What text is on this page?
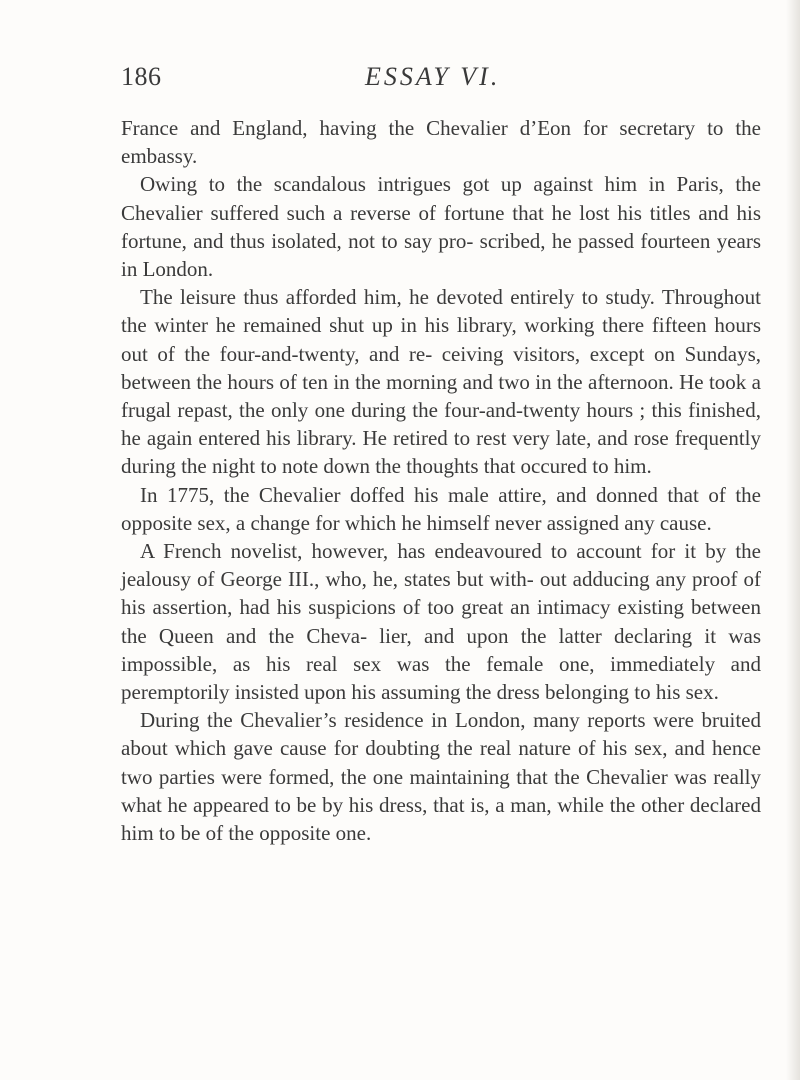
186	ESSAY VI.

France and England, having the Chevalier d’Eon for secretary to the embassy.

Owing to the scandalous intrigues got up against him in Paris, the Chevalier suffered such a reverse of fortune that he lost his titles and his fortune, and thus isolated, not to say pro- scribed, he passed fourteen years in London.

The leisure thus afforded him, he devoted entirely to study. Throughout the winter he remained shut up in his library, working there fifteen hours out of the four-and-twenty, and re- ceiving visitors, except on Sundays, between the hours of ten in the morning and two in the afternoon. He took a frugal repast, the only one during the four-and-twenty hours ; this finished, he again entered his library. He retired to rest very late, and rose frequently during the night to note down the thoughts that occured to him.

In 1775, the Chevalier doffed his male attire, and donned that of the opposite sex, a change for which he himself never assigned any cause.

A French novelist, however, has endeavoured to account for it by the jealousy of George III., who, he, states but with- out adducing any proof of his assertion, had his suspicions of too great an intimacy existing between the Queen and the Cheva- lier, and upon the latter declaring it was impossible, as his real sex was the female one, immediately and peremptorily insisted upon his assuming the dress belonging to his sex.

During the Chevalier’s residence in London, many reports were bruited about which gave cause for doubting the real nature of his sex, and hence two parties were formed, the one maintaining that the Chevalier was really what he appeared to be by his dress, that is, a man, while the other declared him to be of the opposite one.
